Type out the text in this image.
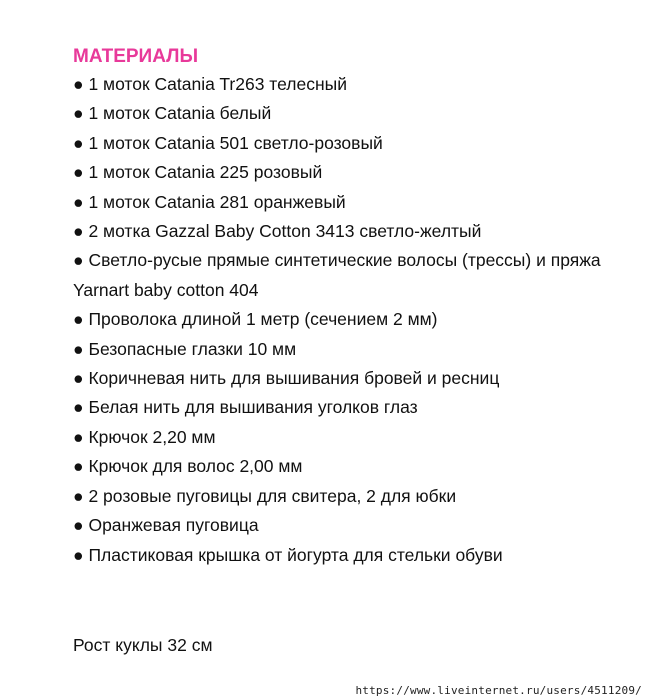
МАТЕРИАЛЫ
● 1 моток Catania Tr263 телесный
● 1 моток Catania белый
● 1 моток Catania 501 светло-розовый
● 1 моток Catania 225 розовый
● 1 моток Catania 281 оранжевый
● 2 мотка Gazzal Baby Cotton 3413 светло-желтый
● Светло-русые прямые синтетические волосы (трессы) и пряжа Yarnart baby cotton 404
● Проволока длиной 1 метр (сечением 2 мм)
● Безопасные глазки 10 мм
● Коричневая нить для вышивания бровей и ресниц
● Белая нить для вышивания уголков глаз
● Крючок 2,20 мм
● Крючок для волос 2,00 мм
● 2 розовые пуговицы для свитера, 2 для юбки
● Оранжевая пуговица
● Пластиковая крышка от йогурта для стельки обуви

Рост куклы 32 см

https://www.liveinternet.ru/users/4511209/
